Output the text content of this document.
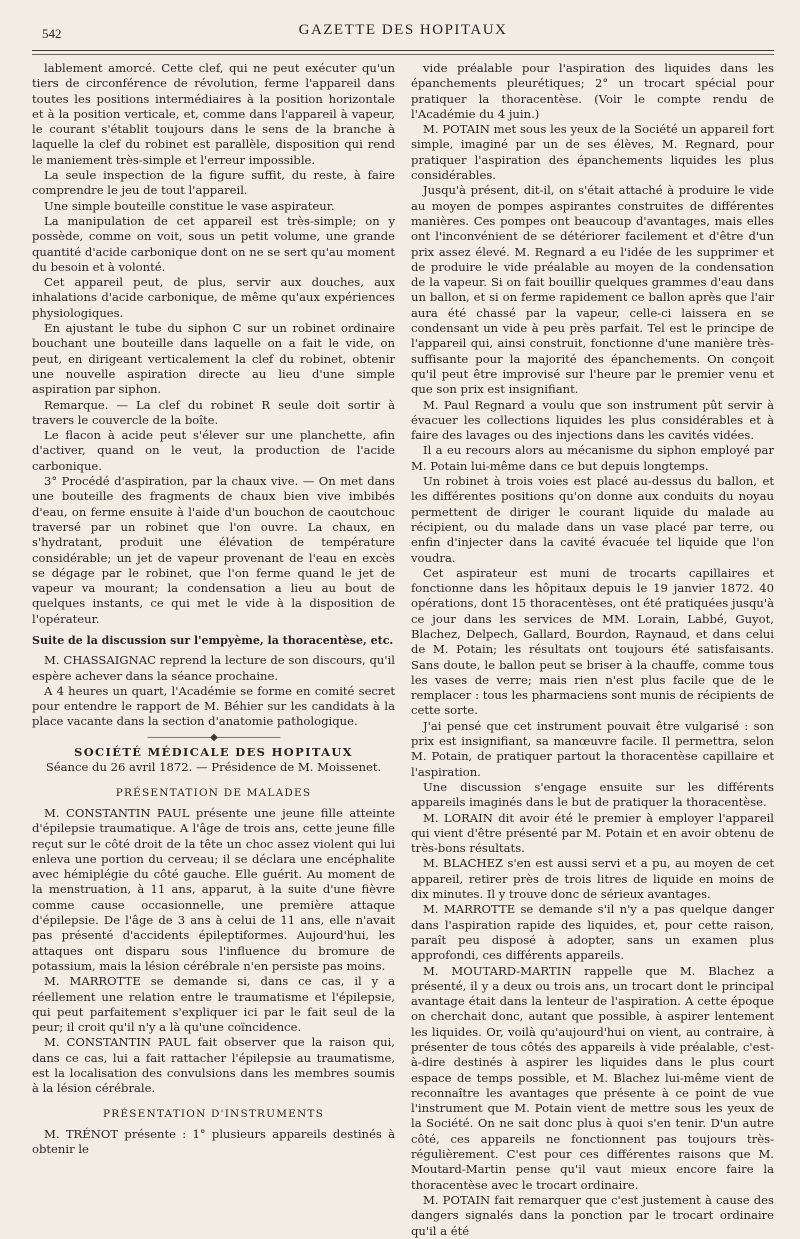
542	GAZETTE DES HOPITAUX

lablement amorcé. Cette clef, qui ne peut exécuter qu'un tiers de circonférence de révolution, ferme l'appareil dans toutes les positions intermédiaires à la position horizontale et à la position verticale, et, comme dans l'appareil à vapeur, le courant s'établit toujours dans le sens de la branche à laquelle la clef du robinet est parallèle, disposition qui rend le maniement très-simple et l'erreur impossible.

La seule inspection de la figure suffit, du reste, à faire comprendre le jeu de tout l'appareil.

Une simple bouteille constitue le vase aspirateur.

La manipulation de cet appareil est très-simple; on y possède, comme on voit, sous un petit volume, une grande quantité d'acide carbonique dont on ne se sert qu'au moment du besoin et à volonté.

Cet appareil peut, de plus, servir aux douches, aux inhalations d'acide carbonique, de même qu'aux expériences physiologiques.

En ajustant le tube du siphon C sur un robinet ordinaire bouchant une bouteille dans laquelle on a fait le vide, on peut, en dirigeant verticalement la clef du robinet, obtenir une nouvelle aspiration directe au lieu d'une simple aspiration par siphon.

Remarque. — La clef du robinet R seule doit sortir à travers le couvercle de la boîte.

Le flacon à acide peut s'élever sur une planchette, afin d'activer, quand on le veut, la production de l'acide carbonique.

3° Procédé d'aspiration, par la chaux vive. — On met dans une bouteille des fragments de chaux bien vive imbibés d'eau, on ferme ensuite à l'aide d'un bouchon de caoutchouc traversé par un robinet que l'on ouvre. La chaux, en s'hydratant, produit une élévation de température considérable; un jet de vapeur provenant de l'eau en excès se dégage par le robinet, que l'on ferme quand le jet de vapeur va mourant; la condensation a lieu au bout de quelques instants, ce qui met le vide à la disposition de l'opérateur.

Suite de la discussion sur l'empyème, la thoracentèse, etc.

M. CHASSAIGNAC reprend la lecture de son discours, qu'il espère achever dans la séance prochaine.

A 4 heures un quart, l'Académie se forme en comité secret pour entendre le rapport de M. Béhier sur les candidats à la place vacante dans la section d'anatomie pathologique.

———————◆———————

SOCIÉTÉ MÉDICALE DES HOPITAUX

Séance du 26 avril 1872. — Présidence de M. Moissenet.

PRÉSENTATION DE MALADES

M. CONSTANTIN PAUL présente une jeune fille atteinte d'épilepsie traumatique. A l'âge de trois ans, cette jeune fille reçut sur le côté droit de la tête un choc assez violent qui lui enleva une portion du cerveau; il se déclara une encéphalite avec hémiplégie du côté gauche. Elle guérit. Au moment de la menstruation, à 11 ans, apparut, à la suite d'une fièvre comme cause occasionnelle, une première attaque d'épilepsie. De l'âge de 3 ans à celui de 11 ans, elle n'avait pas présenté d'accidents épileptiformes. Aujourd'hui, les attaques ont disparu sous l'influence du bromure de potassium, mais la lésion cérébrale n'en persiste pas moins.

M. MARROTTE se demande si, dans ce cas, il y a réellement une relation entre le traumatisme et l'épilepsie, qui peut parfaitement s'expliquer ici par le fait seul de la peur; il croit qu'il n'y a là qu'une coïncidence.

M. CONSTANTIN PAUL fait observer que la raison qui, dans ce cas, lui a fait rattacher l'épilepsie au traumatisme, est la localisation des convulsions dans les membres soumis à la lésion cérébrale.

PRÉSENTATION D'INSTRUMENTS

M. TRÉNOT présente : 1° plusieurs appareils destinés à obtenir le

vide préalable pour l'aspiration des liquides dans les épanchements pleurétiques; 2° un trocart spécial pour pratiquer la thoracentèse. (Voir le compte rendu de l'Académie du 4 juin.)

M. POTAIN met sous les yeux de la Société un appareil fort simple, imaginé par un de ses élèves, M. Regnard, pour pratiquer l'aspiration des épanchements liquides les plus considérables.

Jusqu'à présent, dit-il, on s'était attaché à produire le vide au moyen de pompes aspirantes construites de différentes manières. Ces pompes ont beaucoup d'avantages, mais elles ont l'inconvénient de se détériorer facilement et d'être d'un prix assez élevé. M. Regnard a eu l'idée de les supprimer et de produire le vide préalable au moyen de la condensation de la vapeur. Si on fait bouillir quelques grammes d'eau dans un ballon, et si on ferme rapidement ce ballon après que l'air aura été chassé par la vapeur, celle-ci laissera en se condensant un vide à peu près parfait. Tel est le principe de l'appareil qui, ainsi construit, fonctionne d'une manière très-suffisante pour la majorité des épanchements. On conçoit qu'il peut être improvisé sur l'heure par le premier venu et que son prix est insignifiant.

M. Paul Regnard a voulu que son instrument pût servir à évacuer les collections liquides les plus considérables et à faire des lavages ou des injections dans les cavités vidées.

Il a eu recours alors au mécanisme du siphon employé par M. Potain lui-même dans ce but depuis longtemps.

Un robinet à trois voies est placé au-dessus du ballon, et les différentes positions qu'on donne aux conduits du noyau permettent de diriger le courant liquide du malade au récipient, ou du malade dans un vase placé par terre, ou enfin d'injecter dans la cavité évacuée tel liquide que l'on voudra.

Cet aspirateur est muni de trocarts capillaires et fonctionne dans les hôpitaux depuis le 19 janvier 1872. 40 opérations, dont 15 thoracentèses, ont été pratiquées jusqu'à ce jour dans les services de MM. Lorain, Labbé, Guyot, Blachez, Delpech, Gallard, Bourdon, Raynaud, et dans celui de M. Potain; les résultats ont toujours été satisfaisants. Sans doute, le ballon peut se briser à la chauffe, comme tous les vases de verre; mais rien n'est plus facile que de le remplacer : tous les pharmaciens sont munis de récipients de cette sorte.

J'ai pensé que cet instrument pouvait être vulgarisé : son prix est insignifiant, sa manœuvre facile. Il permettra, selon M. Potain, de pratiquer partout la thoracentèse capillaire et l'aspiration.

Une discussion s'engage ensuite sur les différents appareils imaginés dans le but de pratiquer la thoracentèse.

M. LORAIN dit avoir été le premier à employer l'appareil qui vient d'être présenté par M. Potain et en avoir obtenu de très-bons résultats.

M. BLACHEZ s'en est aussi servi et a pu, au moyen de cet appareil, retirer près de trois litres de liquide en moins de dix minutes. Il y trouve donc de sérieux avantages.

M. MARROTTE se demande s'il n'y a pas quelque danger dans l'aspiration rapide des liquides, et, pour cette raison, paraît peu disposé à adopter, sans un examen plus approfondi, ces différents appareils.

M. MOUTARD-MARTIN rappelle que M. Blachez a présenté, il y a deux ou trois ans, un trocart dont le principal avantage était dans la lenteur de l'aspiration. A cette époque on cherchait donc, autant que possible, à aspirer lentement les liquides. Or, voilà qu'aujourd'hui on vient, au contraire, à présenter de tous côtés des appareils à vide préalable, c'est-à-dire destinés à aspirer les liquides dans le plus court espace de temps possible, et M. Blachez lui-même vient de reconnaître les avantages que présente à ce point de vue l'instrument que M. Potain vient de mettre sous les yeux de la Société. On ne sait donc plus à quoi s'en tenir. D'un autre côté, ces appareils ne fonctionnent pas toujours très-régulièrement. C'est pour ces différentes raisons que M. Moutard-Martin pense qu'il vaut mieux encore faire la thoracentèse avec le trocart ordinaire.

M. POTAIN fait remarquer que c'est justement à cause des dangers signalés dans la ponction par le trocart ordinaire qu'il a été
